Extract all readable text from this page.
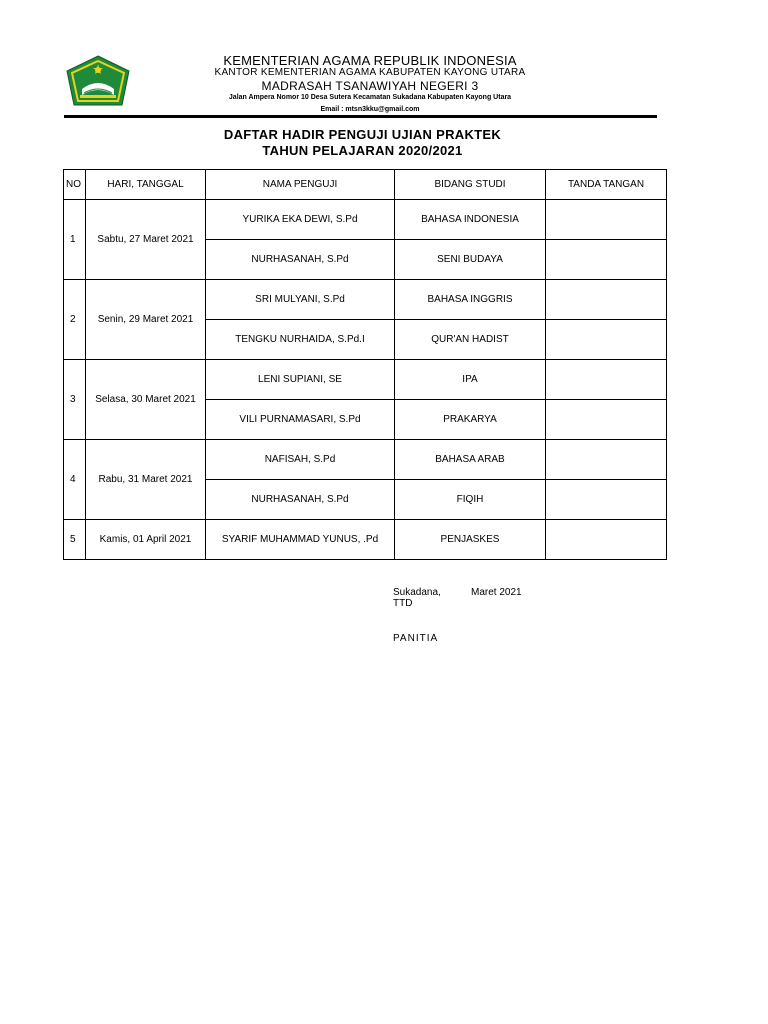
KEMENTERIAN AGAMA REPUBLIK INDONESIA
KANTOR KEMENTERIAN AGAMA KABUPATEN KAYONG UTARA
MADRASAH TSANAWIYAH NEGERI 3
Jalan Ampera Nomor 10 Desa Sutera Kecamatan Sukadana Kabupaten Kayong Utara
Email : mtsn3kku@gmail.com
DAFTAR HADIR PENGUJI UJIAN PRAKTEK
TAHUN PELAJARAN 2020/2021
NO	HARI, TANGGAL	NAMA PENGUJI	BIDANG STUDI	TANDA TANGAN
1	Sabtu, 27 Maret 2021	YURIKA EKA DEWI, S.Pd	BAHASA INDONESIA	
		NURHASANAH, S.Pd	SENI BUDAYA	
2	Senin, 29 Maret 2021	SRI MULYANI, S.Pd	BAHASA INGGRIS	
		TENGKU NURHAIDA, S.Pd.I	QUR'AN HADIST	
3	Selasa, 30 Maret 2021	LENI SUPIANI, SE	IPA	
		VILI PURNAMASARI, S.Pd	PRAKARYA	
4	Rabu, 31 Maret 2021	NAFISAH, S.Pd	BAHASA ARAB	
		NURHASANAH, S.Pd	FIQIH	
5	Kamis, 01 April 2021	SYARIF MUHAMMAD YUNUS, .Pd	PENJASKES	
Sukadana,	Maret 2021
TTD
PANITIA
